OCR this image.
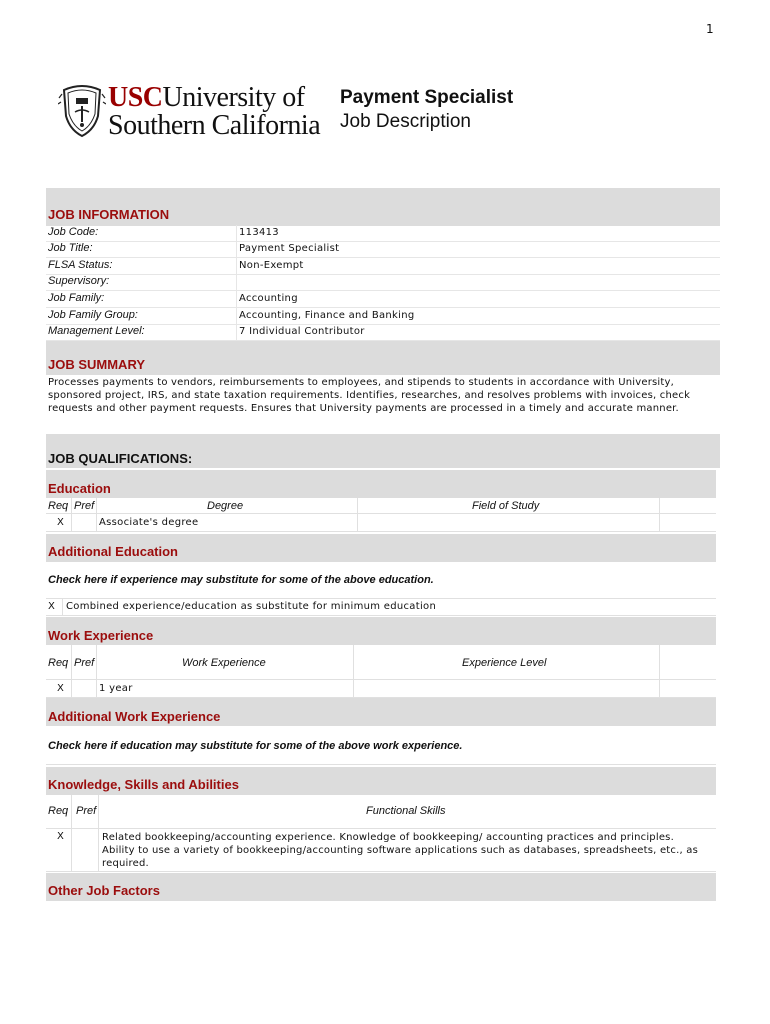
1
USCUniversity of
Southern California
Payment Specialist
Job Description
JOB INFORMATION
Job Code:	113413
Job Title:	Payment Specialist
FLSA Status:	Non-Exempt
Supervisory:
Job Family:	Accounting
Job Family Group:	Accounting, Finance and Banking
Management Level:	7 Individual Contributor
JOB SUMMARY
Processes payments to vendors, reimbursements to employees, and stipends to students in accordance with University,
sponsored project, IRS, and state taxation requirements. Identifies, researches, and resolves problems with invoices, check
requests and other payment requests. Ensures that University payments are processed in a timely and accurate manner.
JOB QUALIFICATIONS:
Education
Req Pref	Degree	Field of Study
X	Associate's degree
Additional Education
Check here if experience may substitute for some of the above education.
X Combined experience/education as substitute for minimum education
Work Experience
Req Pref	Work Experience	Experience Level
X	1 year
Additional Work Experience
Check here if education may substitute for some of the above work experience.
Knowledge, Skills and Abilities
Req Pref	Functional Skills
X	Related bookkeeping/accounting experience. Knowledge of bookkeeping/ accounting practices and principles.
Ability to use a variety of bookkeeping/accounting software applications such as databases, spreadsheets, etc., as
required.
Other Job Factors
